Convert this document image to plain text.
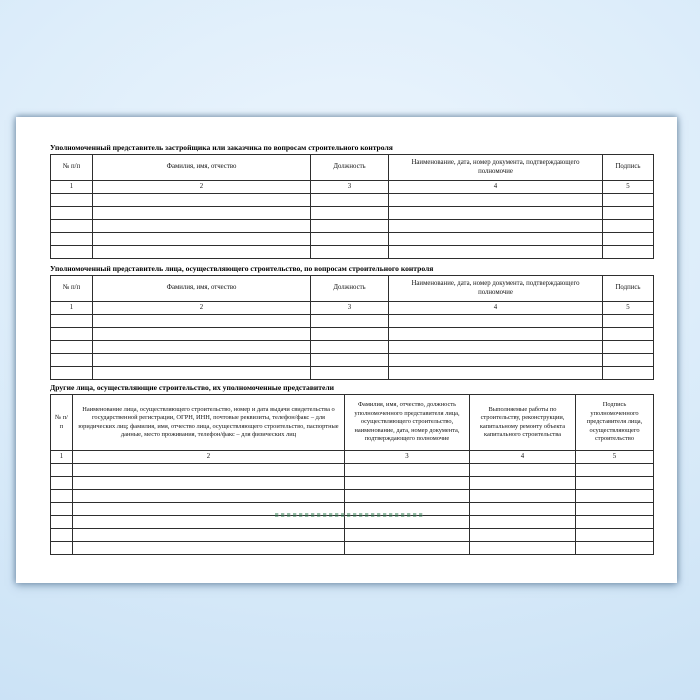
Уполномоченный представитель застройщика или заказчика по вопросам строительного контроля

№ п/п	Фамилия, имя, отчество	Должность	Наименование, дата, номер документа, подтверждающего полномочие	Подпись
1	2	3	4	5

Уполномоченный представитель лица, осуществляющего строительство, по вопросам строительного контроля

№ п/п	Фамилия, имя, отчество	Должность	Наименование, дата, номер документа, подтверждающего полномочие	Подпись
1	2	3	4	5

Другие лица, осуществляющие строительство, их уполномоченные представители

№ п/п	Наименование лица, осуществляющего строительство, номер и дата выдачи свидетельства о государственной регистрации, ОГРН, ИНН, почтовые реквизиты, телефон/факс – для юридических лиц; фамилия, имя, отчество лица, осуществляющего строительство, паспортные данные, место проживания, телефон/факс – для физических лиц	Фамилия, имя, отчество, должность уполномоченного представителя лица, осуществляющего строительство, наименование, дата, номер документа, подтверждающего полномочие	Выполняемые работы по строительству, реконструкции, капитальному ремонту объекта капитального строительства	Подпись уполномоченного представителя лица, осуществляющего строительство
1	2	3	4	5
